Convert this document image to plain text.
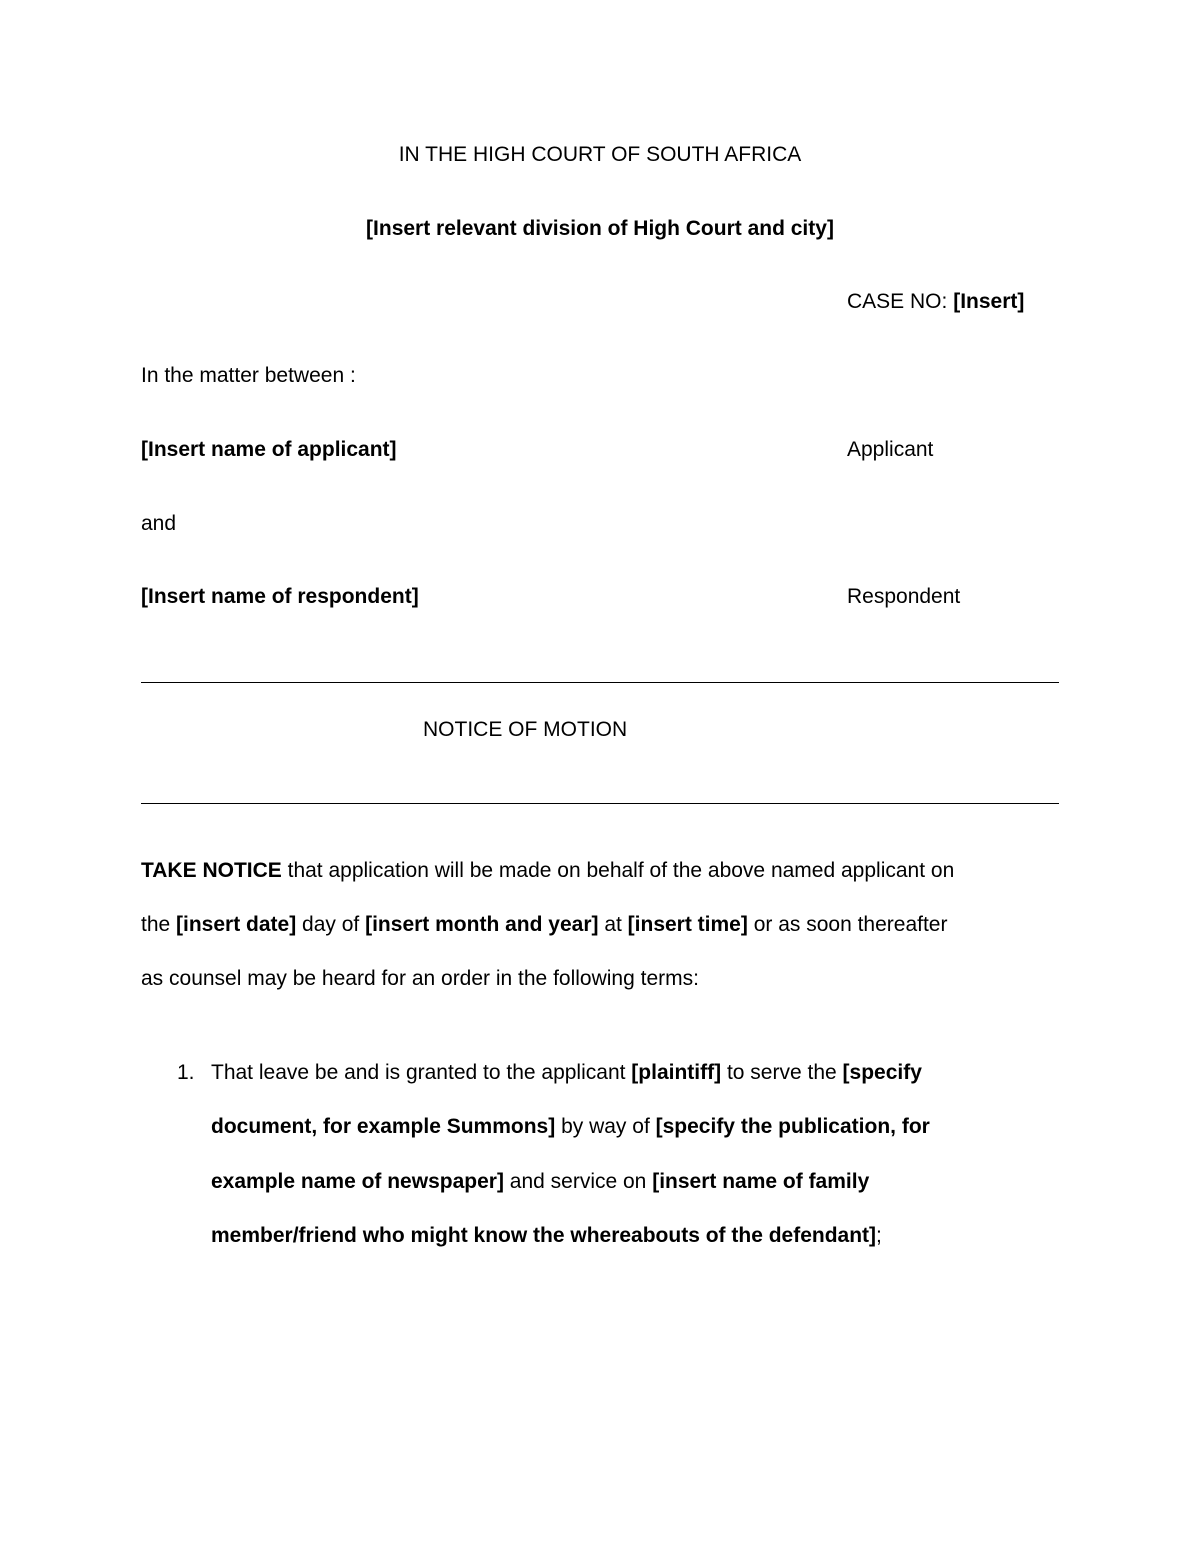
IN THE HIGH COURT OF SOUTH AFRICA
[Insert relevant division of High Court and city]
CASE NO: [Insert]
In the matter between :
[Insert name of applicant]	Applicant
and
[Insert name of respondent]	Respondent
NOTICE OF MOTION
TAKE NOTICE that application will be made on behalf of the above named applicant on
the [insert date] day of [insert month and year] at [insert time] or as soon thereafter
as counsel may be heard for an order in the following terms:
1. That leave be and is granted to the applicant [plaintiff] to serve the [specify
document, for example Summons] by way of [specify the publication, for
example name of newspaper] and service on [insert name of family
member/friend who might know the whereabouts of the defendant];
